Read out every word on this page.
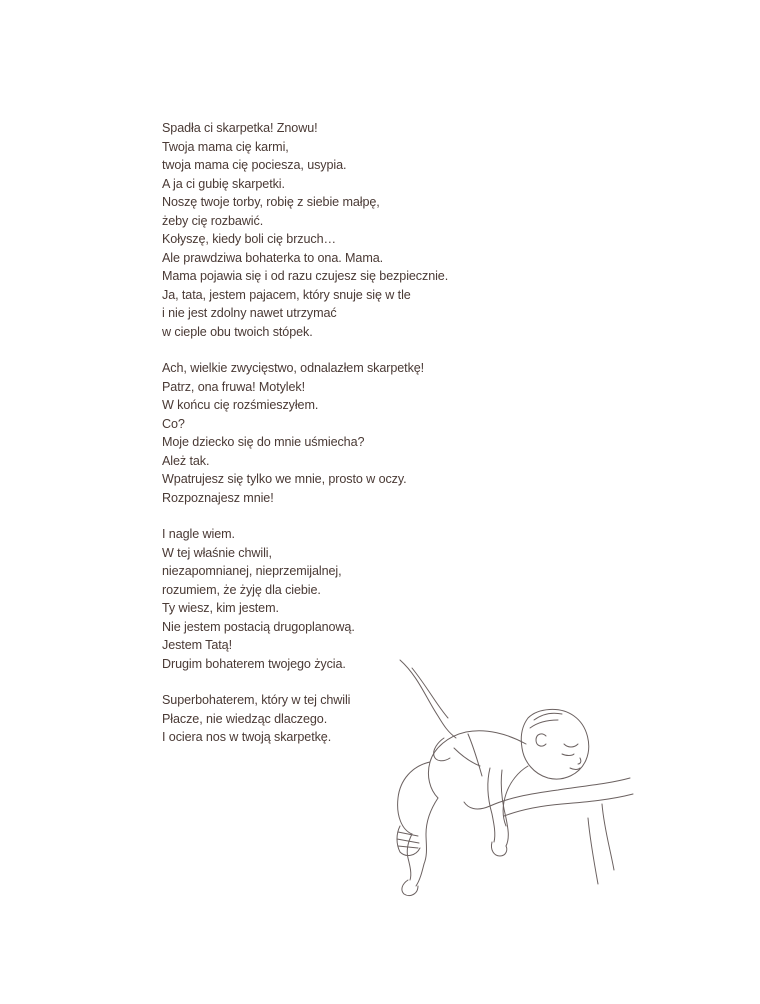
Spadła ci skarpetka! Znowu!
Twoja mama cię karmi,
twoja mama cię pociesza, usypia.
A ja ci gubię skarpetki.
Noszę twoje torby, robię z siebie małpę,
żeby cię rozbawić.
Kołyszę, kiedy boli cię brzuch…
Ale prawdziwa bohaterka to ona. Mama.
Mama pojawia się i od razu czujesz się bezpiecznie.
Ja, tata, jestem pajacem, który snuje się w tle
i nie jest zdolny nawet utrzymać
w cieple obu twoich stópek.
Ach, wielkie zwycięstwo, odnalazłem skarpetkę!
Patrz, ona fruwa! Motylek!
W końcu cię rozśmieszyłem.
Co?
Moje dziecko się do mnie uśmiecha?
Ależ tak.
Wpatrujesz się tylko we mnie, prosto w oczy.
Rozpoznajesz mnie!
I nagle wiem.
W tej właśnie chwili,
niezapomnianej, nieprzemijalnej,
rozumiem, że żyję dla ciebie.
Ty wiesz, kim jestem.
Nie jestem postacią drugoplanową.
Jestem Tatą!
Drugim bohaterem twojego życia.
Superbohaterem, który w tej chwili
Płacze, nie wiedząc dlaczego.
I ociera nos w twoją skarpetkę.
